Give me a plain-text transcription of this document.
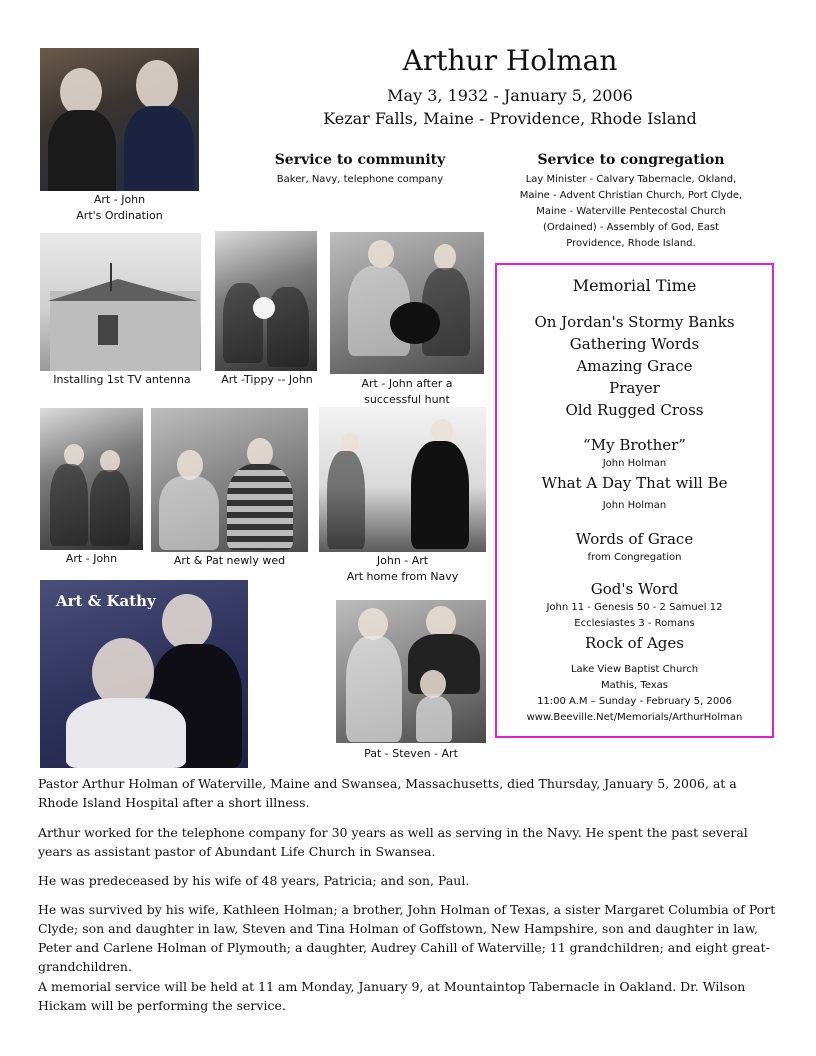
Arthur Holman
May 3, 1932 - January 5, 2006
Kezar Falls, Maine - Providence, Rhode Island
Service to community
Baker, Navy, telephone company
Service to congregation
Lay Minister - Calvary Tabernacle, Okland,
Maine - Advent Christian Church, Port Clyde,
Maine - Waterville Pentecostal Church
(Ordained) - Assembly of God, East
Providence, Rhode Island.
Art - John
Art's Ordination
Installing 1st TV antenna	Art -Tippy -- John	Art - John after a
successful hunt
Art - John	Art & Pat newly wed	John - Art
Art home from Navy
Art & Kathy
Pat - Steven - Art
Memorial Time
On Jordan's Stormy Banks
Gathering Words
Amazing Grace
Prayer
Old Rugged Cross
“My Brother”
John Holman
What A Day That will Be
John Holman
Words of Grace
from Congregation
God's Word
John 11 - Genesis 50 - 2 Samuel 12
Ecclesiastes 3 - Romans
Rock of Ages
Lake View Baptist Church
Mathis, Texas
11:00 A.M – Sunday - February 5, 2006
www.Beeville.Net/Memorials/ArthurHolman
Pastor Arthur Holman of Waterville, Maine and Swansea, Massachusetts, died Thursday, January 5, 2006, at a Rhode Island Hospital after a short illness.
Arthur worked for the telephone company for 30 years as well as serving in the Navy. He spent the past several years as assistant pastor of Abundant Life Church in Swansea.
He was predeceased by his wife of 48 years, Patricia; and son, Paul.
He was survived by his wife, Kathleen Holman; a brother, John Holman of Texas, a sister Margaret Columbia of Port Clyde; son and daughter in law, Steven and Tina Holman of Goffstown, New Hampshire, son and daughter in law, Peter and Carlene Holman of Plymouth; a daughter, Audrey Cahill of Waterville; 11 grandchildren; and eight great-grandchildren.
A memorial service will be held at 11 am Monday, January 9, at Mountaintop Tabernacle in Oakland. Dr. Wilson Hickam will be performing the service.
